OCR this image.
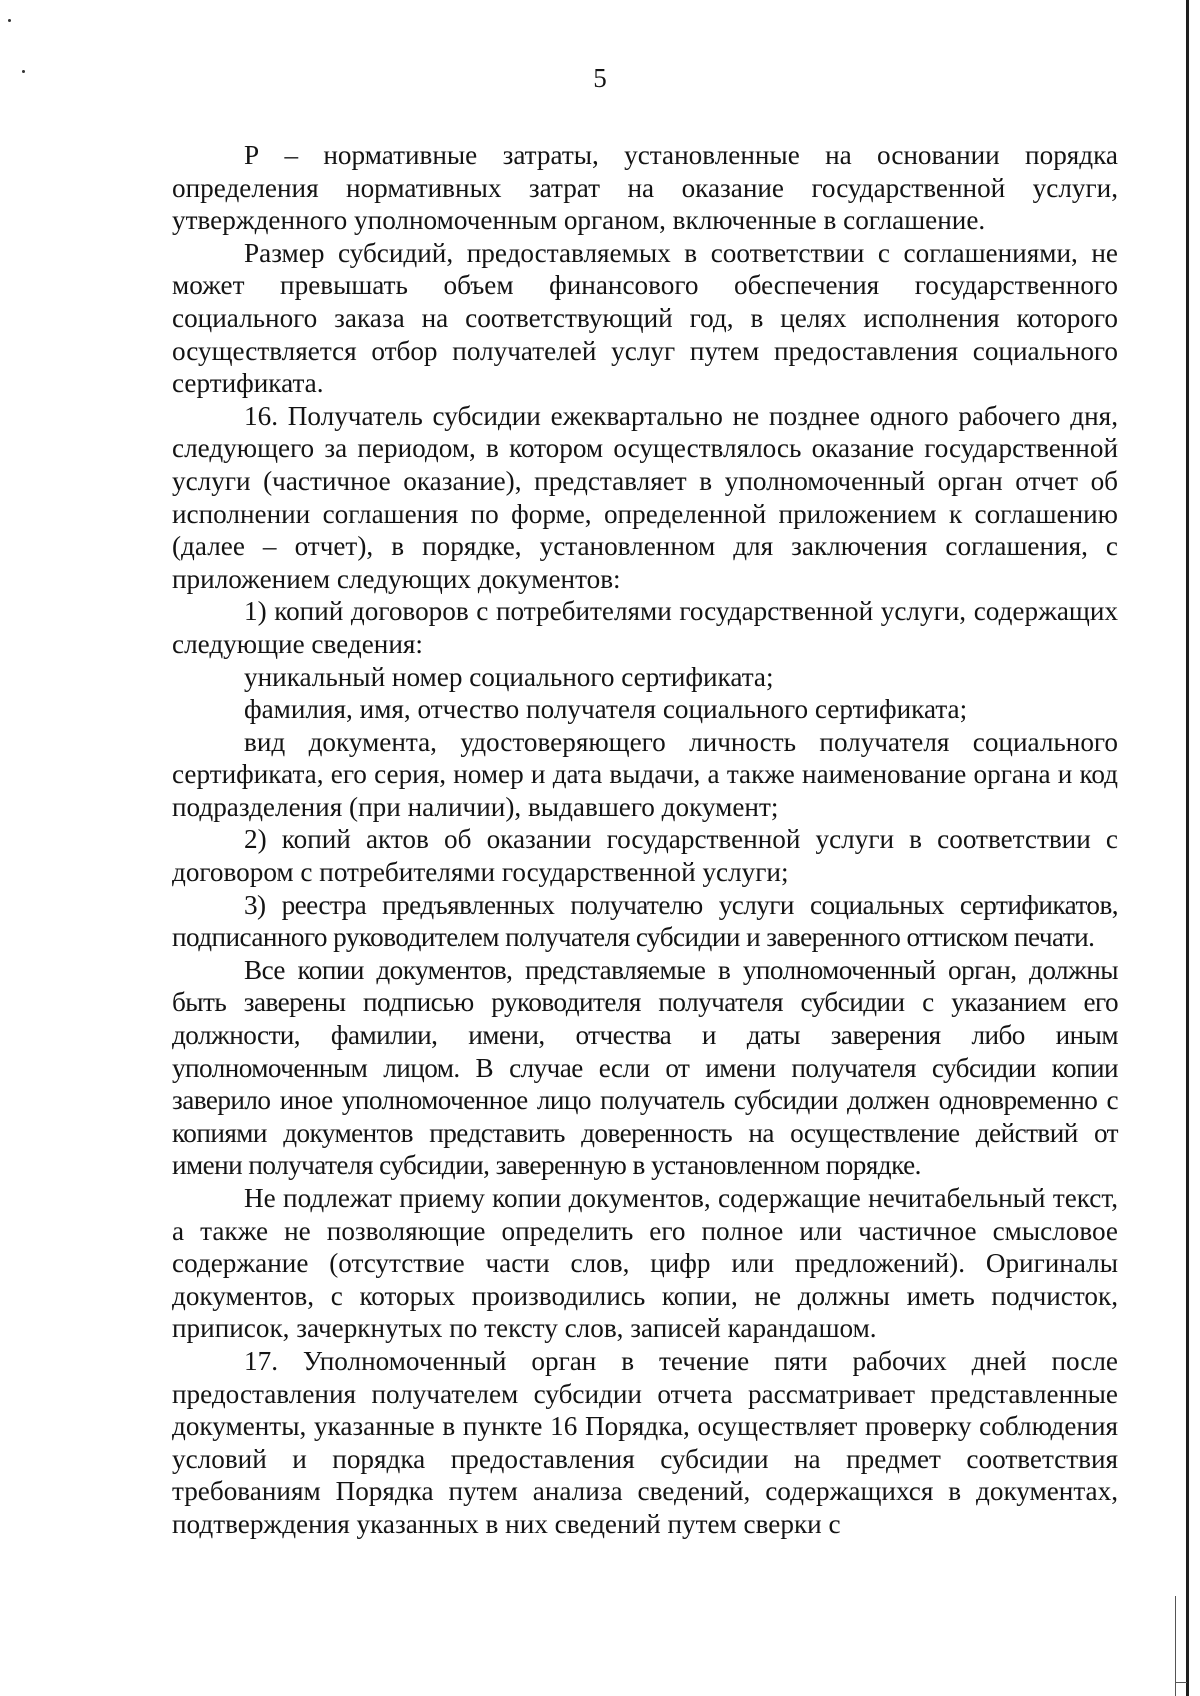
5

Р – нормативные затраты, установленные на основании порядка определения нормативных затрат на оказание государственной услуги, утвержденного уполномоченным органом, включенные в соглашение.

Размер субсидий, предоставляемых в соответствии с соглашениями, не может превышать объем финансового обеспечения государственного социального заказа на соответствующий год, в целях исполнения которого осуществляется отбор получателей услуг путем предоставления социального сертификата.

16. Получатель субсидии ежеквартально не позднее одного рабочего дня, следующего за периодом, в котором осуществлялось оказание государственной услуги (частичное оказание), представляет в уполномоченный орган отчет об исполнении соглашения по форме, определенной приложением к соглашению (далее – отчет), в порядке, установленном для заключения соглашения, с приложением следующих документов:

1) копий договоров с потребителями государственной услуги, содержащих следующие сведения:

уникальный номер социального сертификата;

фамилия, имя, отчество получателя социального сертификата;

вид документа, удостоверяющего личность получателя социального сертификата, его серия, номер и дата выдачи, а также наименование органа и код подразделения (при наличии), выдавшего документ;

2) копий актов об оказании государственной услуги в соответствии с договором с потребителями государственной услуги;

3) реестра предъявленных получателю услуги социальных сертификатов, подписанного руководителем получателя субсидии и заверенного оттиском печати.

Все копии документов, представляемые в уполномоченный орган, должны быть заверены подписью руководителя получателя субсидии с указанием его должности, фамилии, имени, отчества и даты заверения либо иным уполномоченным лицом. В случае если от имени получателя субсидии копии заверило иное уполномоченное лицо получатель субсидии должен одновременно с копиями документов представить доверенность на осуществление действий от имени получателя субсидии, заверенную в установленном порядке.

Не подлежат приему копии документов, содержащие нечитабельный текст, а также не позволяющие определить его полное или частичное смысловое содержание (отсутствие части слов, цифр или предложений). Оригиналы документов, с которых производились копии, не должны иметь подчисток, приписок, зачеркнутых по тексту слов, записей карандашом.

17. Уполномоченный орган в течение пяти рабочих дней после предоставления получателем субсидии отчета рассматривает представленные документы, указанные в пункте 16 Порядка, осуществляет проверку соблюдения условий и порядка предоставления субсидии на предмет соответствия требованиям Порядка путем анализа сведений, содержащихся в документах, подтверждения указанных в них сведений путем сверки с
